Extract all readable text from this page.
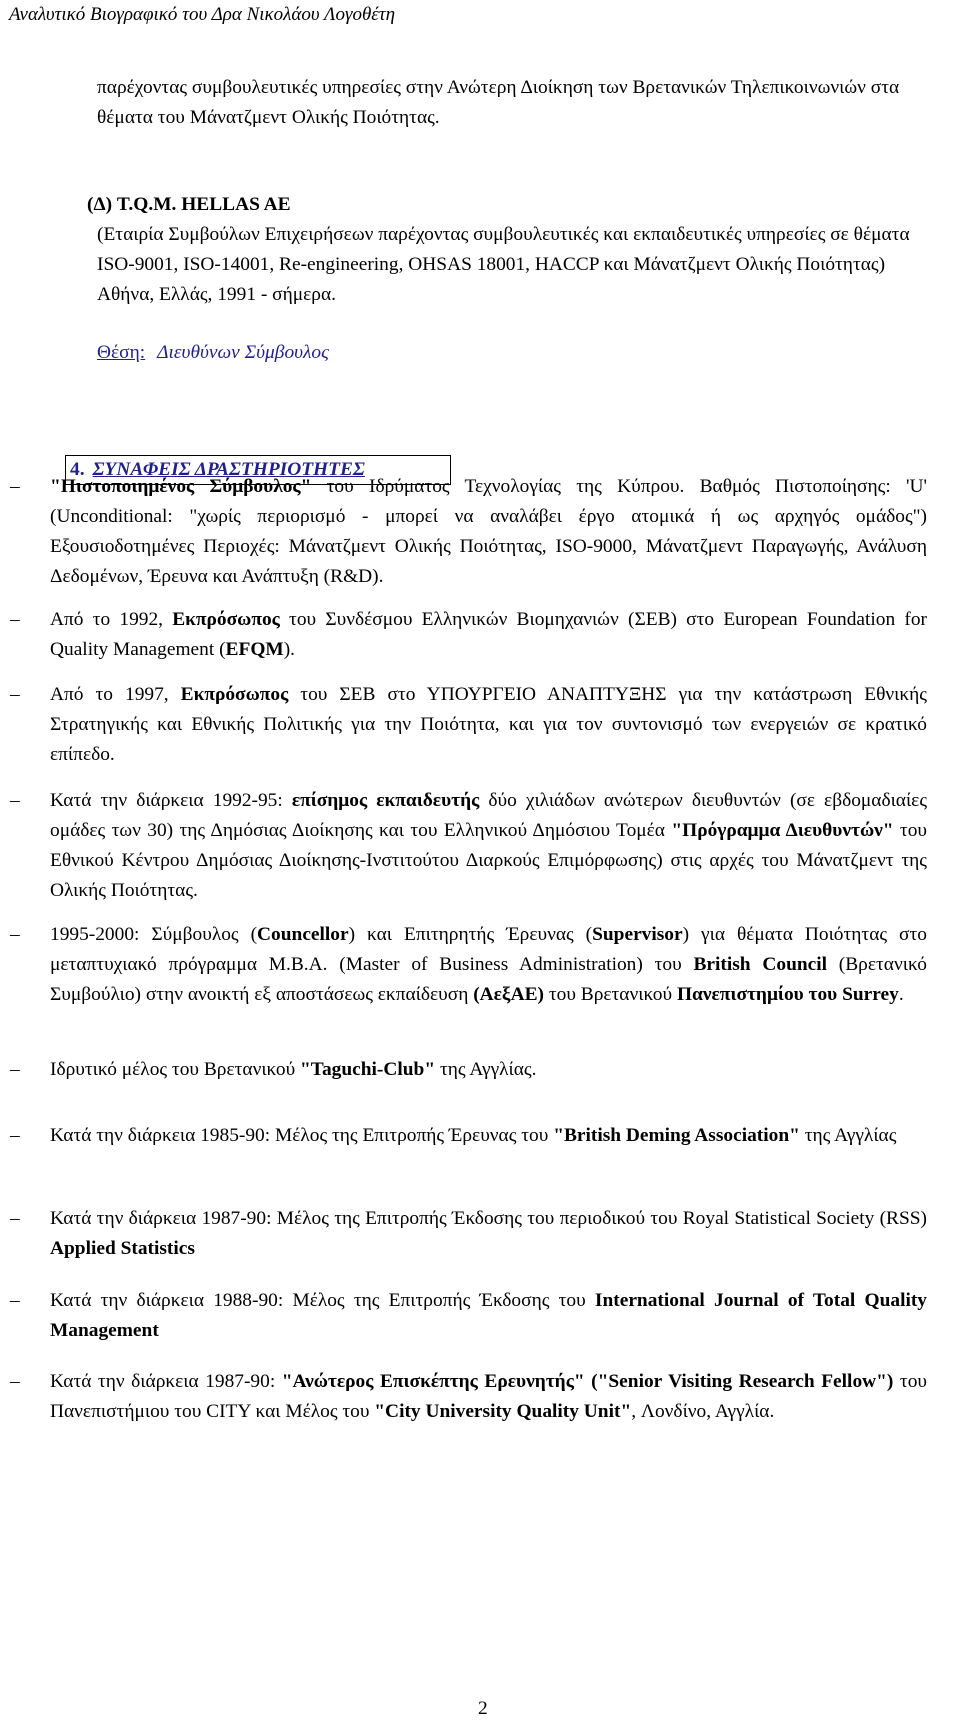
Αναλυτικό Βιογραφικό του Δρα Νικολάου Λογοθέτη
παρέχοντας συμβουλευτικές υπηρεσίες στην Ανώτερη Διοίκηση των Βρετανικών Τηλεπικοινωνιών στα θέματα του Μάνατζμεντ Ολικής Ποιότητας.
(Δ) T.Q.M. HELLAS AE
(Εταιρία Συμβούλων Επιχειρήσεων παρέχοντας συμβουλευτικές και εκπαιδευτικές υπηρεσίες σε θέματα ISO-9001, ISO-14001, Re-engineering, OHSAS 18001, HACCP και Μάνατζμεντ Ολικής Ποιότητας) Αθήνα, Ελλάς, 1991 - σήμερα.
Θέση: Διευθύνων Σύμβουλος
4. ΣΥΝΑΦΕΙΣ ΔΡΑΣΤΗΡΙΟΤΗΤΕΣ
–	"Πιστοποιημένος Σύμβουλος" του Ιδρύματος Τεχνολογίας της Κύπρου. Βαθμός Πιστοποίησης: 'U' (Unconditional: "χωρίς περιορισμό - μπορεί να αναλάβει έργο ατομικά ή ως αρχηγός ομάδος") Εξουσιοδοτημένες Περιοχές: Μάνατζμεντ Ολικής Ποιότητας, ISO-9000, Μάνατζμεντ Παραγωγής, Ανάλυση Δεδομένων, Έρευνα και Ανάπτυξη (R&D).
–	Από το 1992, Εκπρόσωπος του Συνδέσμου Ελληνικών Βιομηχανιών (ΣΕΒ) στο European Foundation for Quality Management (EFQM).
–	Από το 1997, Εκπρόσωπος του ΣΕΒ στο ΥΠΟΥΡΓΕΙΟ ΑΝΑΠΤΥΞΗΣ για την κατάστρωση Εθνικής Στρατηγικής και Εθνικής Πολιτικής για την Ποιότητα, και για τον συντονισμό των ενεργειών σε κρατικό επίπεδο.
–	Κατά την διάρκεια 1992-95: επίσημος εκπαιδευτής δύο χιλιάδων ανώτερων διευθυντών (σε εβδομαδιαίες ομάδες των 30) της Δημόσιας Διοίκησης και του Ελληνικού Δημόσιου Τομέα "Πρόγραμμα Διευθυντών" του Εθνικού Κέντρου Δημόσιας Διοίκησης-Ινστιτούτου Διαρκούς Επιμόρφωσης) στις αρχές του Μάνατζμεντ της Ολικής Ποιότητας.
–	1995-2000: Σύμβουλος (Councellor) και Επιτηρητής Έρευνας (Supervisor) για θέματα Ποιότητας στο μεταπτυχιακό πρόγραμμα M.B.A. (Master of Business Administration) του British Council (Βρετανικό Συμβούλιο) στην ανοικτή εξ αποστάσεως εκπαίδευση (ΑεξΑΕ) του Βρετανικού Πανεπιστημίου του Surrey.
–	Ιδρυτικό μέλος του Βρετανικού "Taguchi-Club" της Αγγλίας.
–	Κατά την διάρκεια 1985-90: Μέλος της Επιτροπής Έρευνας του "British Deming Association" της Αγγλίας
–	Κατά την διάρκεια 1987-90: Μέλος της Επιτροπής Έκδοσης του περιοδικού του Royal Statistical Society (RSS) Applied Statistics
–	Κατά την διάρκεια 1988-90: Μέλος της Επιτροπής Έκδοσης του International Journal of Total Quality Management
–	Κατά την διάρκεια 1987-90: "Ανώτερος Επισκέπτης Ερευνητής" ("Senior Visiting Research Fellow") του Πανεπιστήμιου του CITY και Μέλος του "City University Quality Unit", Λονδίνο, Αγγλία.
2
